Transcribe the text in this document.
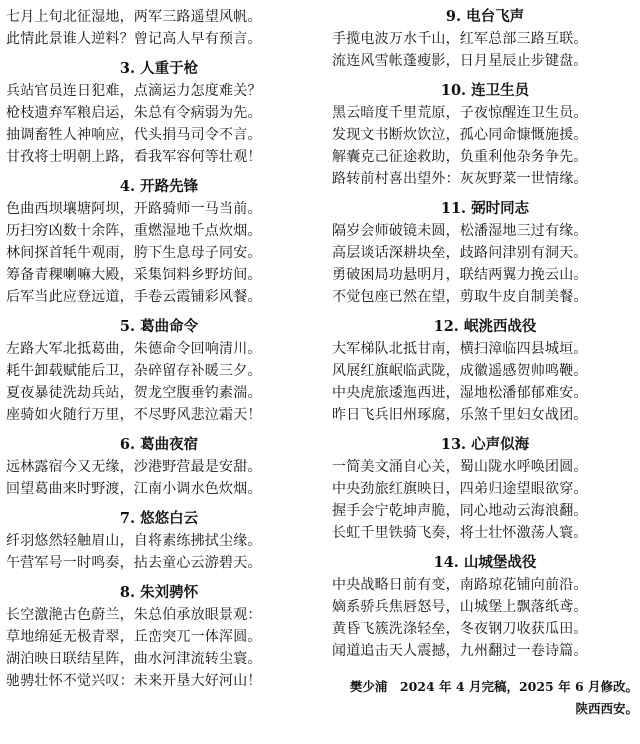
七月上旬北征湿地，两军三路遥望风帆。
此情此景谁人逆料？曾记高人早有预言。
3. 人重于枪
兵站官员连日犯难，点滴运力怎度难关？
枪枝遗弃军粮启运，朱总有令病弱为先。
抽调畜牲人神响应，代头捐马司令不言。
甘孜将士明朝上路，看我军容何等壮观！
4. 开路先锋
色曲西坝壤塘阿坝，开路骑师一马当前。
历扫穷凶数十余阵，重燃湿地千点炊烟。
林间探首牦牛观雨，胯下生息母子同安。
筹备青稞喇嘛大殿，采集饲料乡野坊间。
后军当此应登远道，手卷云霞铺彩风餐。
5. 葛曲命令
左路大军北抵葛曲，朱德命令回响清川。
耗牛卸载赋能后卫，杂碎留存补暖三夕。
夏夜暴徒洗劫兵站，贺龙空腹垂钓素湍。
座骑如火随行万里，不尽野风悲泣霜天！
6. 葛曲夜宿
远林露宿今又无缘，沙港野营最是安甜。
回望葛曲来时野渡，江南小调水色炊烟。
7. 悠悠白云
纤羽悠然轻触眉山，自将素练拂拭尘缘。
午营军号一时鸣奏，拈去童心云游碧天。
8. 朱刘骋怀
长空激滟古色蔚兰，朱总伯承放眼景观：
草地绵延无极青翠，丘峦突兀一体浑圆。
湖泊映日联结星阵，曲水河津流转尘寰。
驰骋壮怀不觉兴叹：未来开垦大好河山！
9. 电台飞声
手揽电波万水千山，红军总部三路互联。
流连风雪帐蓬瘦影，日月星辰止步键盘。
10. 连卫生员
黑云暗度千里荒原，子夜惊醒连卫生员。
发现文书断炊饮泣，孤心同命慷慨施援。
解囊克己征途救助，负重利他杂务争先。
路转前村喜出望外：灰灰野菜一世情缘。
11. 弼时同志
隔岁会师破镜未圆，松潘湿地三过有缘。
高层谈话深耕块垒，歧路问津别有洞天。
勇破困局功悬明月，联结两翼力挽云山。
不觉包座已然在望，剪取牛皮自制美餐。
12. 岷洮西战役
大军梯队北抵甘南，横扫漳临四县城垣。
风展红旗岷临武陇，成徽遥感贺帅鸣鞭。
中央虎旅逶迤西进，湿地松潘郁郁难安。
昨日飞兵旧州琢腐，乐煞千里妇女战团。
13. 心声似海
一简美文涌自心关，蜀山陇水呼唤团圆。
中央劲旅红旗映日，四弟归途望眼欲穿。
握手会宁乾坤声脆，同心地动云海浪翻。
长虹千里铁骑飞奏，将士壮怀激荡人寰。
14. 山城堡战役
中央战略日前有变，南路琼花铺向前沿。
嫡系骄兵焦唇怒号，山城堡上飘落纸鸢。
黄昏飞簇洗涤轻垒，冬夜钢刀收获瓜田。
闻道追击天人震撼，九州翻过一卷诗篇。
樊少浦　2024 年 4 月完稿，2025 年 6 月修改。
陕西西安。
